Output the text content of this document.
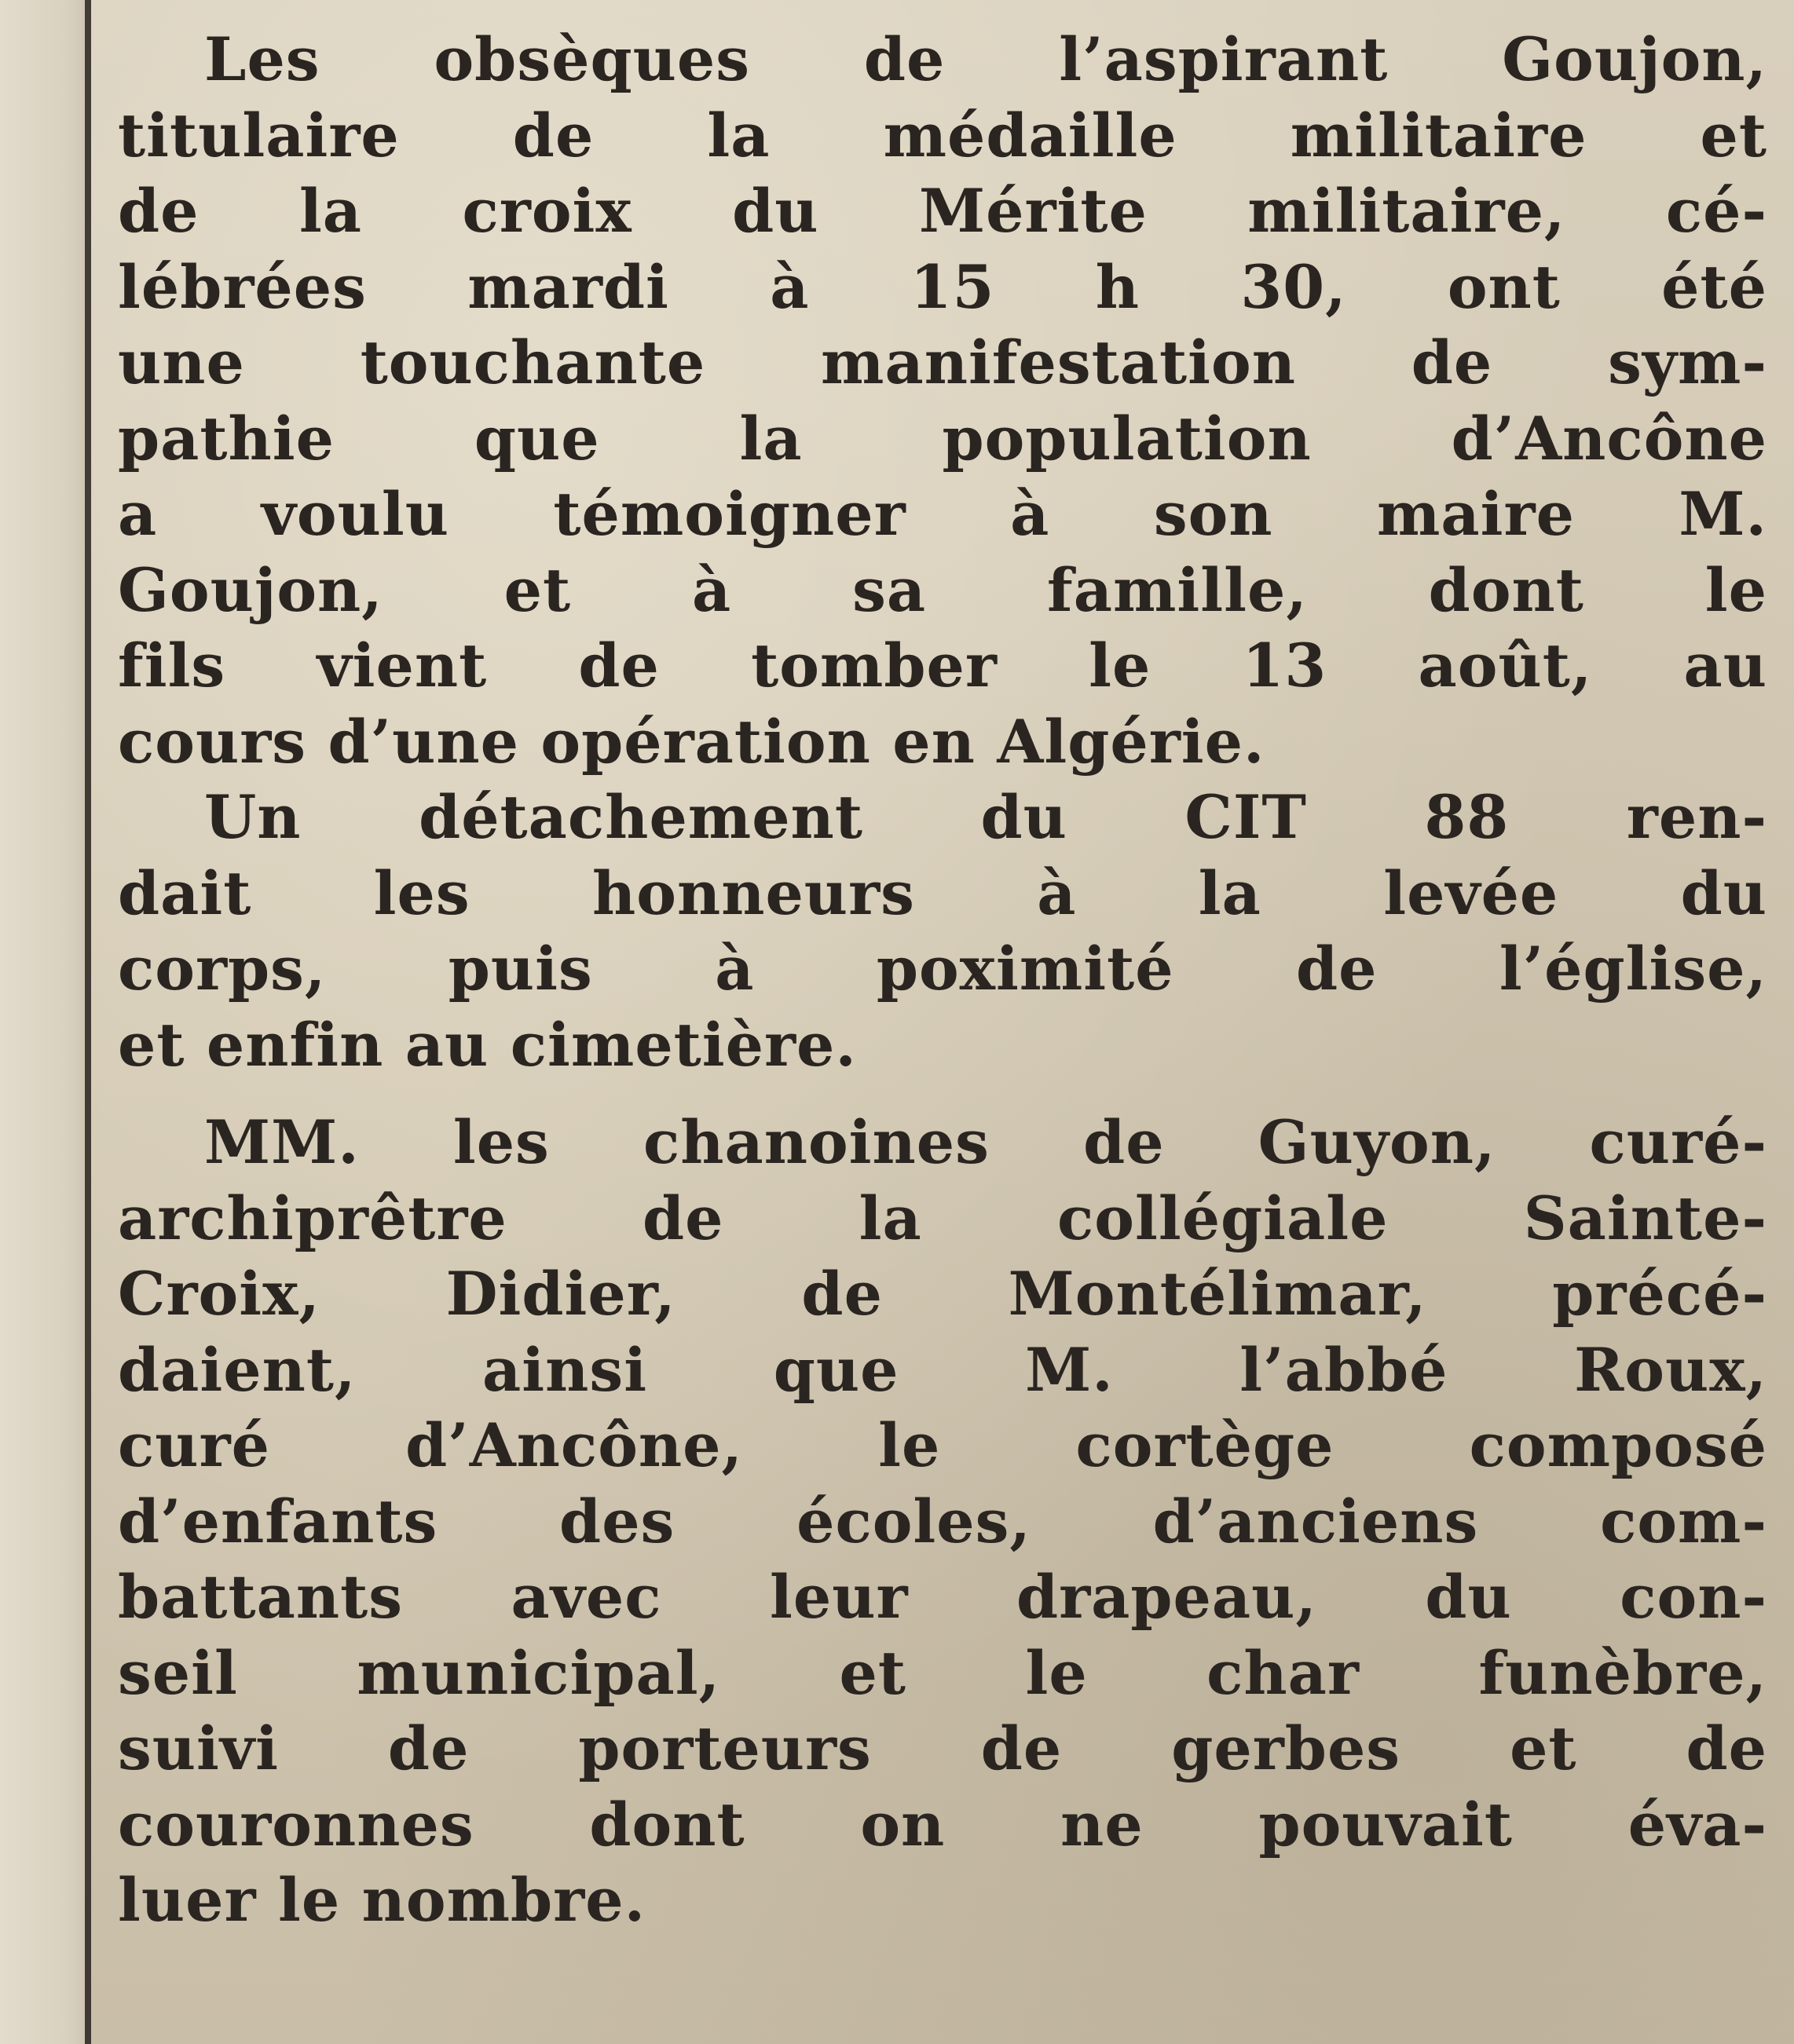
Les obsèques de l’aspirant Goujon,
titulaire de la médaille militaire et
de la croix du Mérite militaire, cé-
lébrées mardi à 15 h 30, ont été
une touchante manifestation de sym-
pathie que la population d’Ancône
a voulu témoigner à son maire M.
Goujon, et à sa famille, dont le
fils vient de tomber le 13 août, au
cours d’une opération en Algérie.
Un détachement du CIT 88 ren-
dait les honneurs à la levée du
corps, puis à poximité de l’église,
et enfin au cimetière.
MM. les chanoines de Guyon, curé-
archiprêtre de la collégiale Sainte-
Croix, Didier, de Montélimar, précé-
daient, ainsi que M. l’abbé Roux,
curé d’Ancône, le cortège composé
d’enfants des écoles, d’anciens com-
battants avec leur drapeau, du con-
seil municipal, et le char funèbre,
suivi de porteurs de gerbes et de
couronnes dont on ne pouvait éva-
luer le nombre.
